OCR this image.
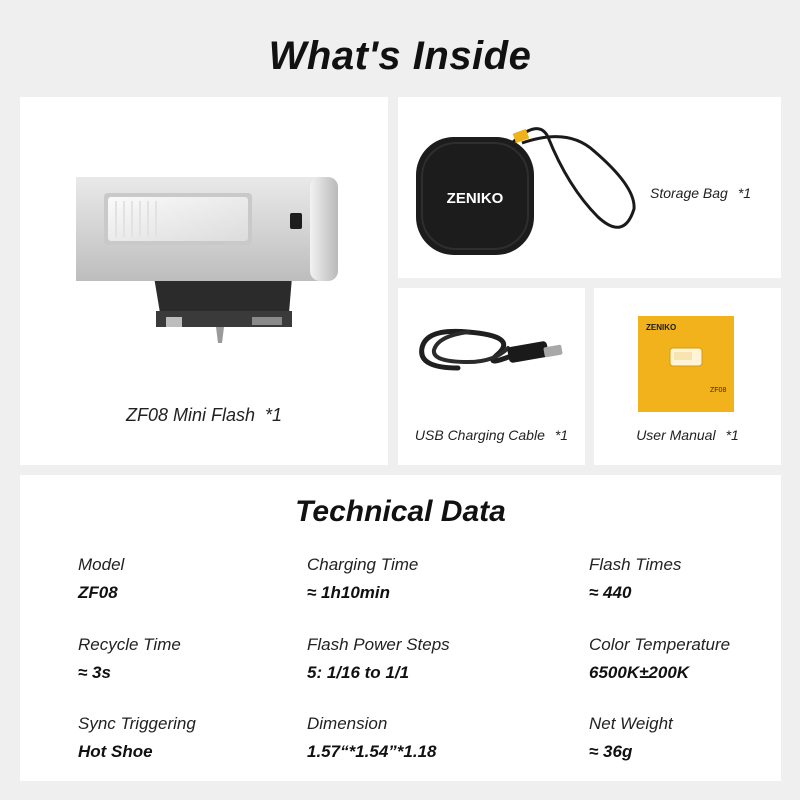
What's Inside
ZF08 Mini Flash *1
ZENIKO	Storage Bag *1
USB Charging Cable *1
ZENIKO
ZF08
User Manual *1
Technical Data
Model
ZF08
Charging Time
≈ 1h10min
Flash Times
≈ 440
Recycle Time
≈ 3s
Flash Power Steps
5: 1/16 to 1/1
Color Temperature
6500K±200K
Sync Triggering
Hot Shoe
Dimension
1.57“*1.54”*1.18
Net Weight
≈ 36g
